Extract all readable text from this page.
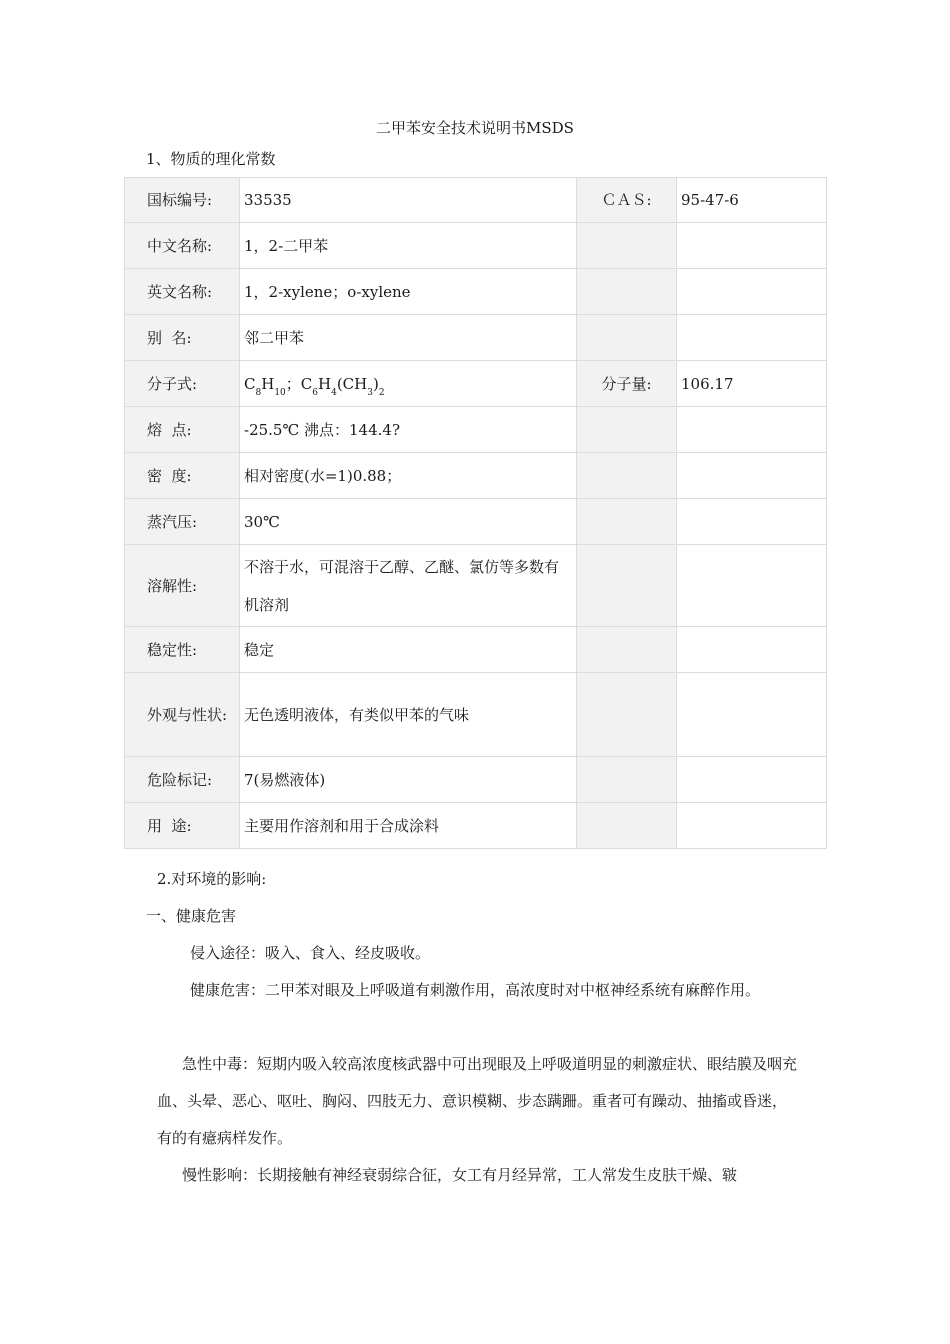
二甲苯安全技术说明书MSDS
1、物质的理化常数
国标编号:	33535	ＣＡＳ:	95-47-6
中文名称:	1，2-二甲苯		
英文名称:	1，2-xylene；o-xylene		
别  名:	邻二甲苯		
分子式:	$C_8H_{10}$；$C_6H_4(CH_3)_2$	分子量:	106.17
熔  点:	-25.5℃ 沸点：144.4?		
密  度:	相对密度(水=1)0.88；		
蒸汽压:	30℃		
溶解性:	不溶于水，可混溶于乙醇、乙醚、氯仿等多数有机溶剂		
稳定性:	稳定		
外观与性状:	无色透明液体，有类似甲苯的气味		
危险标记:	7(易燃液体)		
用  途:	主要用作溶剂和用于合成涂料		

2.对环境的影响:

一、健康危害

侵入途径：吸入、食入、经皮吸收。

健康危害：二甲苯对眼及上呼吸道有刺激作用，高浓度时对中枢神经系统有麻醉作用。

急性中毒：短期内吸入较高浓度核武器中可出现眼及上呼吸道明显的刺激症状、眼结膜及咽充血、头晕、恶心、呕吐、胸闷、四肢无力、意识模糊、步态蹒跚。重者可有躁动、抽搐或昏迷，有的有癔病样发作。

慢性影响：长期接触有神经衰弱综合征，女工有月经异常，工人常发生皮肤干燥、皲
